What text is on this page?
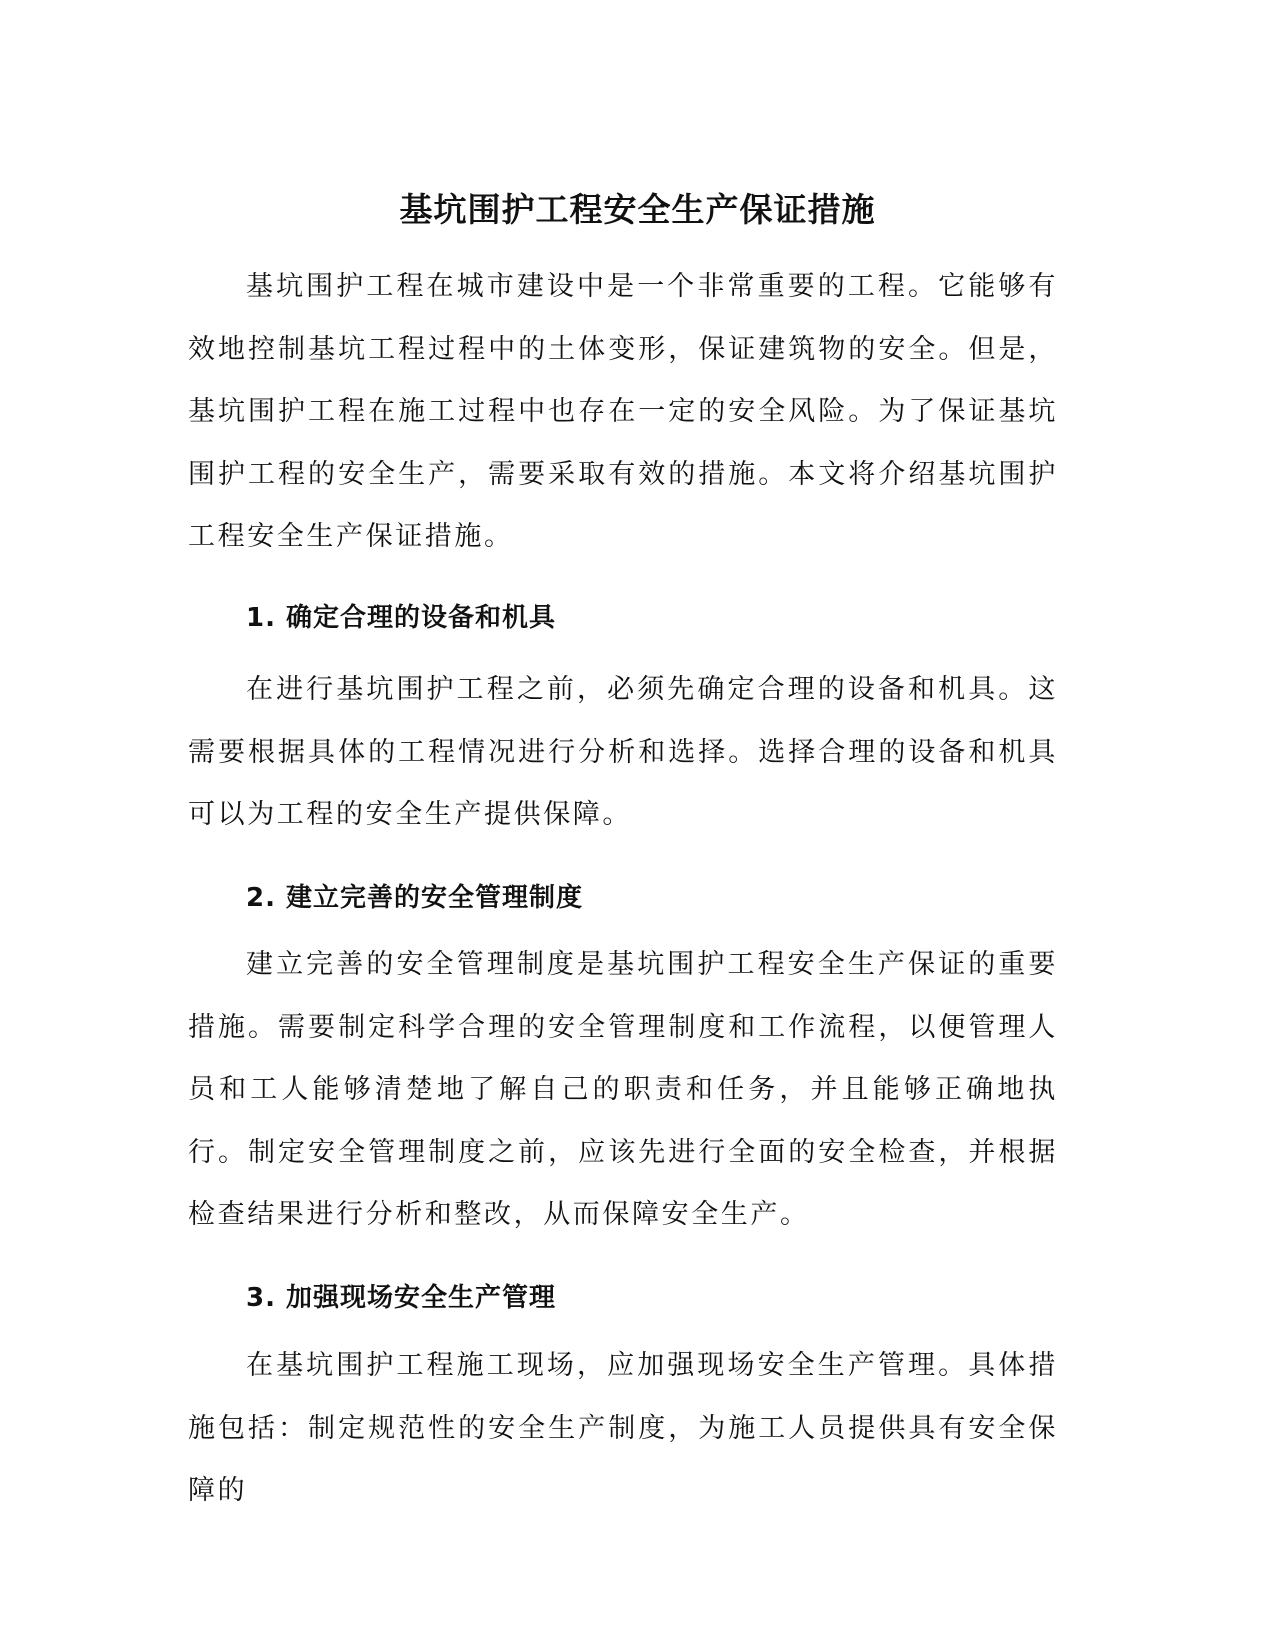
基坑围护工程安全生产保证措施

基坑围护工程在城市建设中是一个非常重要的工程。它能够有效地控制基坑工程过程中的土体变形，保证建筑物的安全。但是，基坑围护工程在施工过程中也存在一定的安全风险。为了保证基坑围护工程的安全生产，需要采取有效的措施。本文将介绍基坑围护工程安全生产保证措施。

1. 确定合理的设备和机具

在进行基坑围护工程之前，必须先确定合理的设备和机具。这需要根据具体的工程情况进行分析和选择。选择合理的设备和机具可以为工程的安全生产提供保障。

2. 建立完善的安全管理制度

建立完善的安全管理制度是基坑围护工程安全生产保证的重要措施。需要制定科学合理的安全管理制度和工作流程，以便管理人员和工人能够清楚地了解自己的职责和任务，并且能够正确地执行。制定安全管理制度之前，应该先进行全面的安全检查，并根据检查结果进行分析和整改，从而保障安全生产。

3. 加强现场安全生产管理

在基坑围护工程施工现场，应加强现场安全生产管理。具体措施包括：制定规范性的安全生产制度，为施工人员提供具有安全保障的
